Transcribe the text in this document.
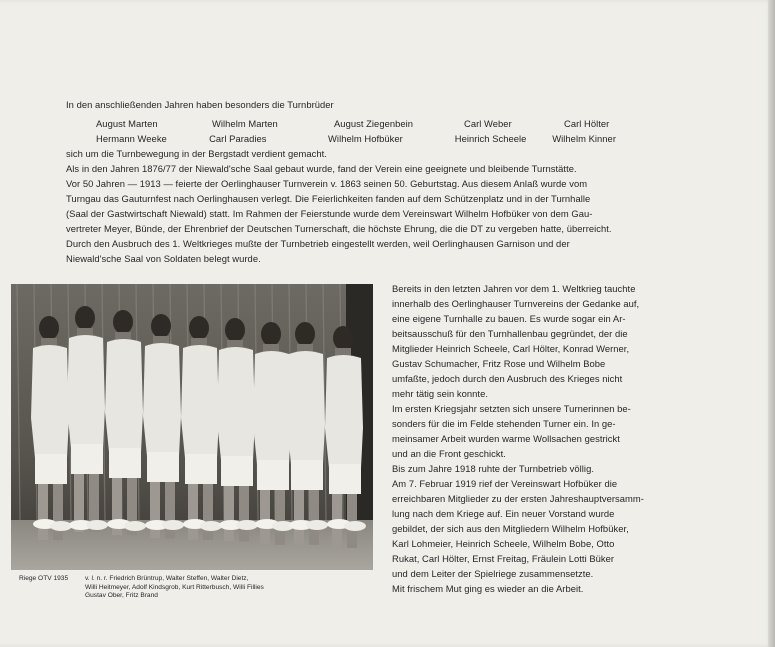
In den anschließenden Jahren haben besonders die Turnbrüder
August Marten	Wilhelm Marten	August Ziegenbein	Carl Weber	Carl Hölter
Hermann Weeke	Carl Paradies	Wilhelm Hofbüker	Heinrich Scheele	Wilhelm Kinner
sich um die Turnbewegung in der Bergstadt verdient gemacht.
Als in den Jahren 1876/77 der Niewald'sche Saal gebaut wurde, fand der Verein eine geeignete und bleibende Turnstätte.
Vor 50 Jahren — 1913 — feierte der Oerlinghauser Turnverein v. 1863 seinen 50. Geburtstag. Aus diesem Anlaß wurde vom
Turngau das Gauturnfest nach Oerlinghausen verlegt. Die Feierlichkeiten fanden auf dem Schützenplatz und in der Turnhalle
(Saal der Gastwirtschaft Niewald) statt. Im Rahmen der Feierstunde wurde dem Vereinswart Wilhelm Hofbüker von dem Gau-
vertreter Meyer, Bünde, der Ehrenbrief der Deutschen Turnerschaft, die höchste Ehrung, die die DT zu vergeben hatte, überreicht.
Durch den Ausbruch des 1. Weltkrieges mußte der Turnbetrieb eingestellt werden, weil Oerlinghausen Garnison und der
Niewald'sche Saal von Soldaten belegt wurde.
Riege OTV 1935	v. l. n. r. Friedrich Brüntrup, Walter Steffen, Walter Dietz,
Willi Heitmeyer, Adolf Kindsgrob, Kurt Ritterbusch, Willi Fillies
Gustav Ober, Fritz Brand
Bereits in den letzten Jahren vor dem 1. Weltkrieg tauchte
innerhalb des Oerlinghauser Turnvereins der Gedanke auf,
eine eigene Turnhalle zu bauen. Es wurde sogar ein Ar-
beitsausschuß für den Turnhallenbau gegründet, der die
Mitglieder Heinrich Scheele, Carl Hölter, Konrad Werner,
Gustav Schumacher, Fritz Rose und Wilhelm Bobe
umfaßte, jedoch durch den Ausbruch des Krieges nicht
mehr tätig sein konnte.
Im ersten Kriegsjahr setzten sich unsere Turnerinnen be-
sonders für die im Felde stehenden Turner ein. In ge-
meinsamer Arbeit wurden warme Wollsachen gestrickt
und an die Front geschickt.
Bis zum Jahre 1918 ruhte der Turnbetrieb völlig.
Am 7. Februar 1919 rief der Vereinswart Hofbüker die
erreichbaren Mitglieder zu der ersten Jahreshauptversamm-
lung nach dem Kriege auf. Ein neuer Vorstand wurde
gebildet, der sich aus den Mitgliedern Wilhelm Hofbüker,
Karl Lohmeier, Heinrich Scheele, Wilhelm Bobe, Otto
Rukat, Carl Hölter, Ernst Freitag, Fräulein Lotti Büker
und dem Leiter der Spielriege zusammensetzte.
Mit frischem Mut ging es wieder an die Arbeit.
